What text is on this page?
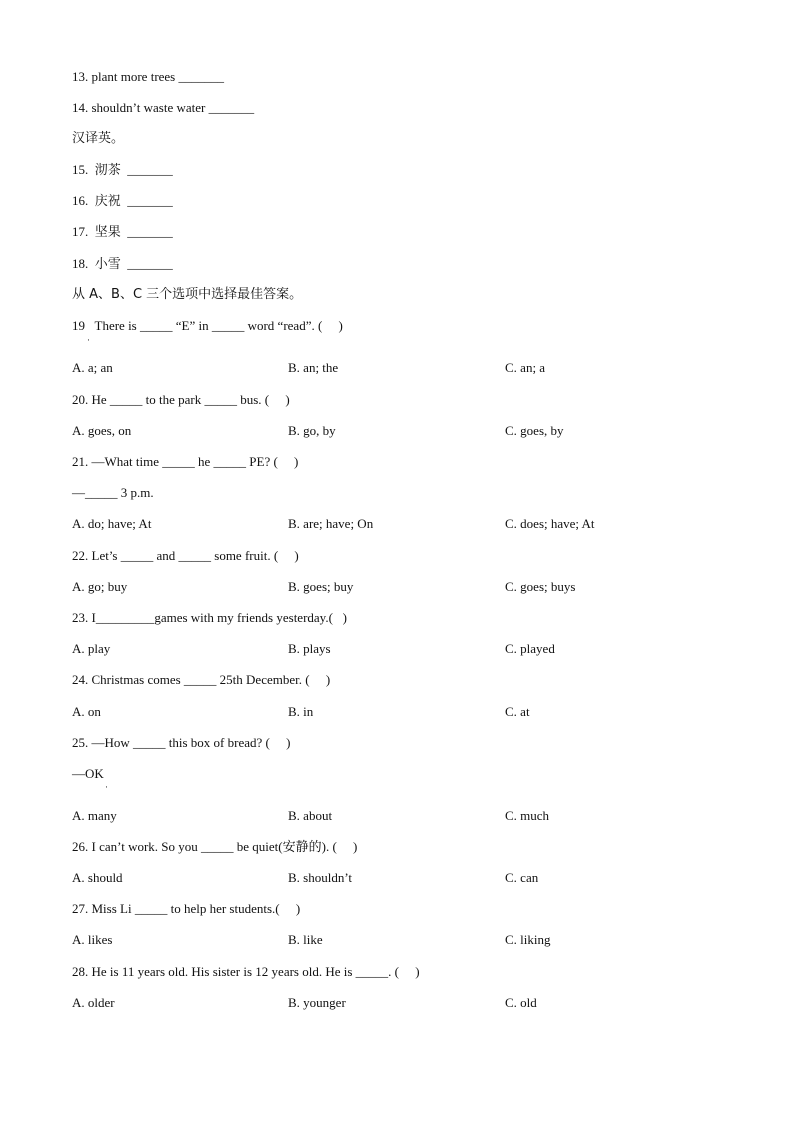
13. plant more trees _______
14. shouldn’t waste water _______
汉译英。
15.  沏茶  _______
16.  庆祝  _______
17.  坚果  _______
18.  小雪  _______
从 A、B、C 三个选项中选择最佳答案。
19   There is _____ “E” in _____ word “read”. (     )
·
A. a; an	B. an; the	C. an; a
20. He _____ to the park _____ bus. (     )
A. goes, on	B. go, by	C. goes, by
21. —What time _____ he _____ PE? (     )
—_____ 3 p.m.
A. do; have; At	B. are; have; On	C. does; have; At
22. Let’s _____ and _____ some fruit. (     )
A. go; buy	B. goes; buy	C. goes; buys
23. I_________games with my friends yesterday.(   )
A. play	B. plays	C. played
24. Christmas comes _____ 25th December. (     )
A. on	B. in	C. at
25. —How _____ this box of bread? (     )
—OK
·
A. many	B. about	C. much
26. I can’t work. So you _____ be quiet(安静的). (     )
A. should	B. shouldn’t	C. can
27. Miss Li _____ to help her students.(     )
A. likes	B. like	C. liking
28. He is 11 years old. His sister is 12 years old. He is _____. (     )
A. older	B. younger	C. old
